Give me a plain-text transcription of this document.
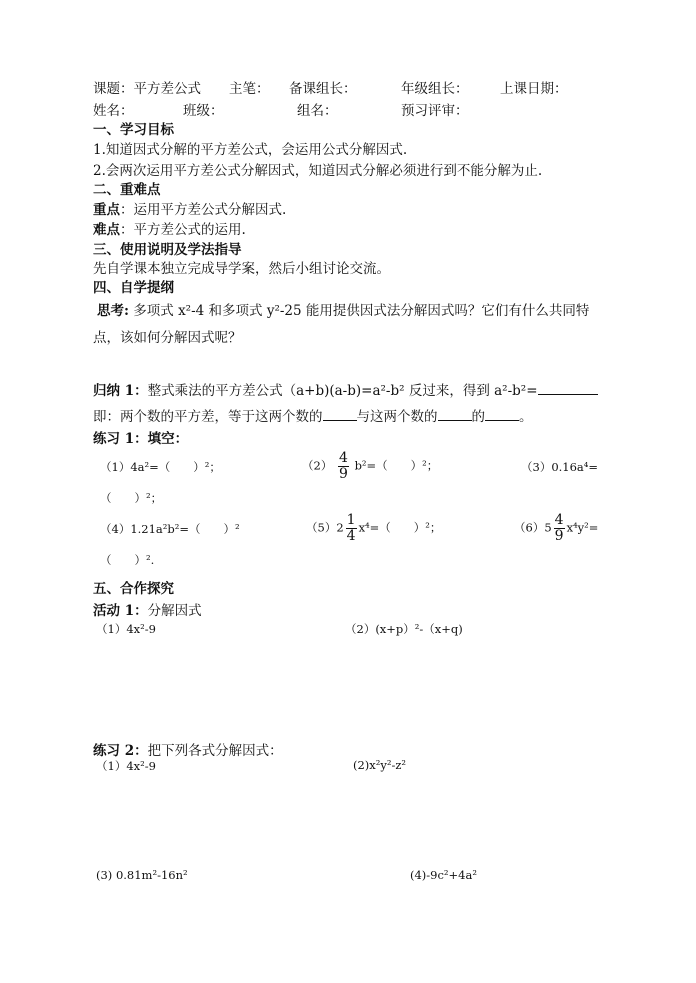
课题：平方差公式 主笔： 备课组长：	年级组长： 上课日期：
姓名：	班级：	组名：	预习评审：
一、学习目标
1.知道因式分解的平方差公式，会运用公式分解因式.
2.会两次运用平方差公式分解因式，知道因式分解必须进行到不能分解为止.
二、重难点
重点：运用平方差公式分解因式.
难点：平方差公式的运用.
三、使用说明及学法指导
先自学课本独立完成导学案，然后小组讨论交流。
四、自学提纲
思考: 多项式 x²-4 和多项式 y²-25 能用提供因式法分解因式吗？它们有什么共同特
点，该如何分解因式呢？
归纳 1：整式乘法的平方差公式（a+b)(a-b)=a²-b² 反过来，得到 a²-b²=
即：两个数的平方差，等于这两个数的	与这两个数的	的	。
练习 1：填空：
（1）4a²=（　　）²；	$(2) \frac{4}{9} b^2=$（　　）²；	（3）0.16a⁴=
（　　）²；
（4）1.21a²b²=（　　）²	$(5)2 \frac{1}{4} x^4=$（　　）²；	$(6)5 \frac{4}{9} x^4y^2=$
（　　）².
五、合作探究
活动 1：分解因式
（1）4x²-9	（2）(x+p）²-（x+q)
练习 2：把下列各式分解因式：
（1）4x²-9	(2)x²y²-z²
(3) 0.81m²-16n²	(4)-9c²+4a²
